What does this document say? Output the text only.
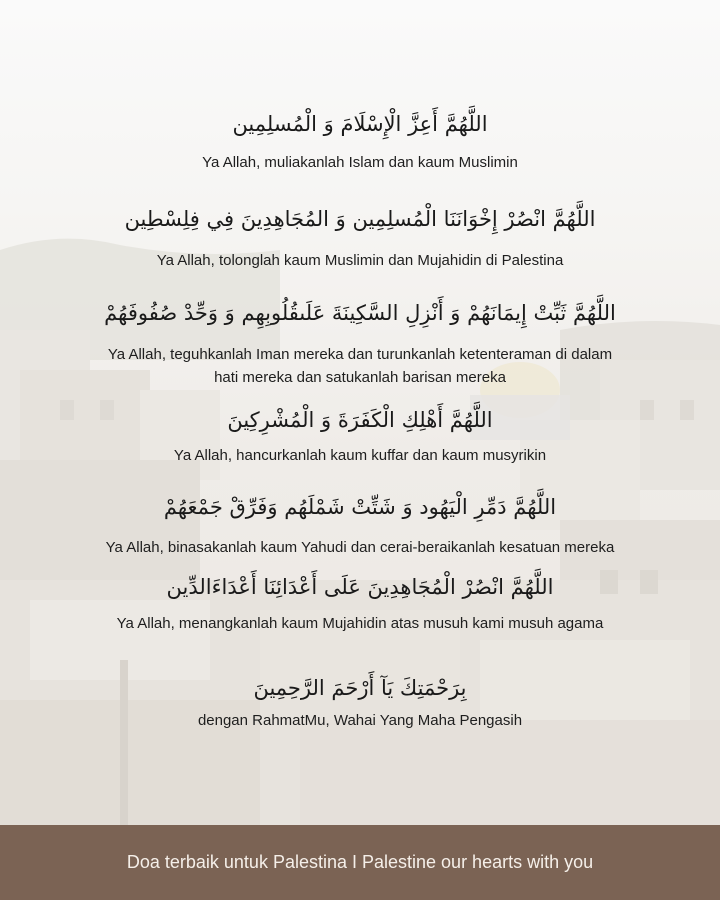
اللَّهُمَّ أَعِزَّ الْإِسْلَامَ وَ الْمُسلِمِين
Ya Allah, muliakanlah Islam dan kaum Muslimin
اللَّهُمَّ انْصُرْ إِخْوَانَنَا الْمُسلِمِين وَ المُجَاهِدِينَ فِي فِلِسْطِين
Ya Allah, tolonglah kaum Muslimin dan Mujahidin di Palestina
اللَّهُمَّ ثَبِّتْ إِيمَانَهُمْ وَ أَنْزِلِ السَّكِينَةَ عَلَىقُلُوبِهِم وَ وَحِّدْ صُفُوفَهُمْ
Ya Allah, teguhkanlah Iman mereka dan turunkanlah ketenteraman di dalam
hati mereka dan satukanlah barisan mereka
اللَّهُمَّ أَهْلِكِ الْكَفَرَةَ وَ الْمُشْرِكِينَ
Ya Allah, hancurkanlah kaum kuffar dan kaum musyrikin
اللَّهُمَّ دَمِّرِ الْيَهُود وَ شَتِّتْ شَمْلَهُم وَفَرِّقْ جَمْعَهُمْ
Ya Allah, binasakanlah kaum Yahudi dan cerai-beraikanlah kesatuan mereka
اللَّهُمَّ انْصُرْ الْمُجَاهِدِينَ عَلَى أَعْدَائِنَا أَعْدَاءَالدِّين
Ya Allah, menangkanlah kaum Mujahidin atas musuh kami musuh agama
بِرَحْمَتِكَ يَآ أَرْحَمَ الرَّحِمِينَ
dengan RahmatMu, Wahai Yang Maha Pengasih
Doa terbaik untuk Palestina I Palestine our hearts with you
